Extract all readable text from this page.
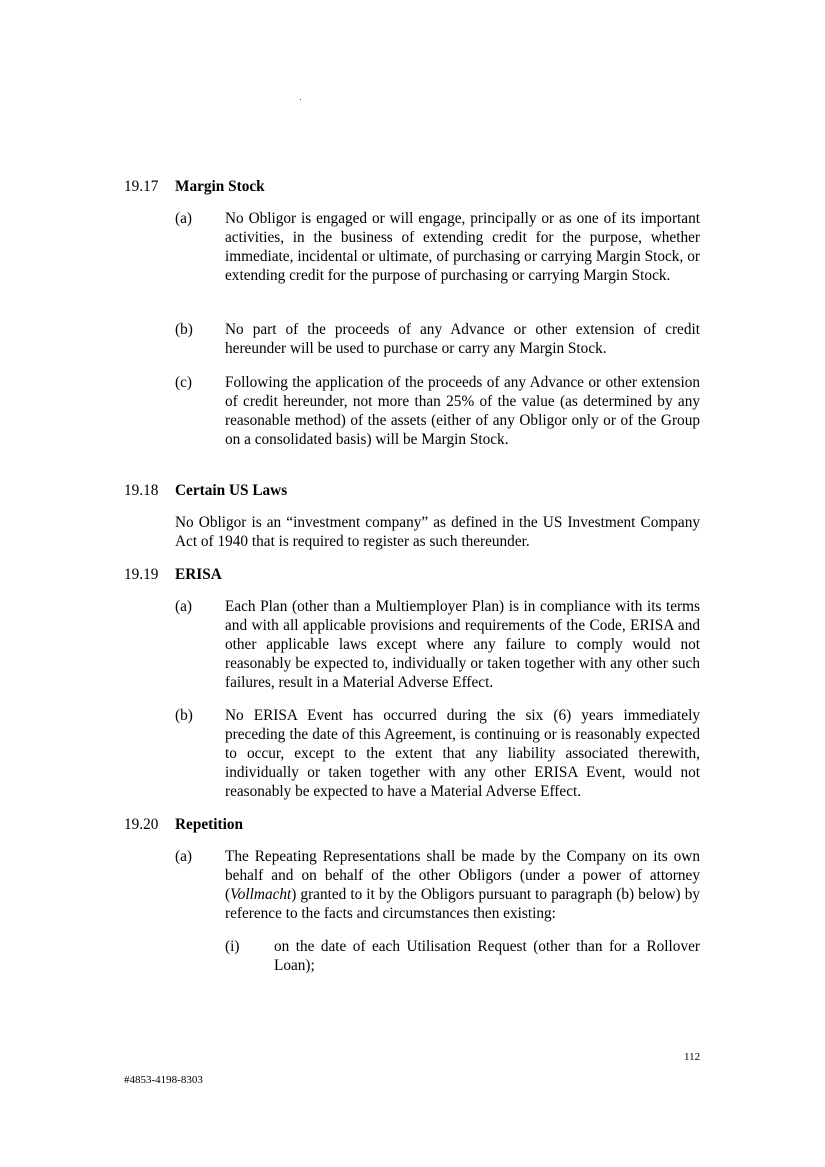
19.17 Margin Stock
(a) No Obligor is engaged or will engage, principally or as one of its important activities, in the business of extending credit for the purpose, whether immediate, incidental or ultimate, of purchasing or carrying Margin Stock, or extending credit for the purpose of purchasing or carrying Margin Stock.
(b) No part of the proceeds of any Advance or other extension of credit hereunder will be used to purchase or carry any Margin Stock.
(c) Following the application of the proceeds of any Advance or other extension of credit hereunder, not more than 25% of the value (as determined by any reasonable method) of the assets (either of any Obligor only or of the Group on a consolidated basis) will be Margin Stock.
19.18 Certain US Laws
No Obligor is an “investment company” as defined in the US Investment Company Act of 1940 that is required to register as such thereunder.
19.19 ERISA
(a) Each Plan (other than a Multiemployer Plan) is in compliance with its terms and with all applicable provisions and requirements of the Code, ERISA and other applicable laws except where any failure to comply would not reasonably be expected to, individually or taken together with any other such failures, result in a Material Adverse Effect.
(b) No ERISA Event has occurred during the six (6) years immediately preceding the date of this Agreement, is continuing or is reasonably expected to occur, except to the extent that any liability associated therewith, individually or taken together with any other ERISA Event, would not reasonably be expected to have a Material Adverse Effect.
19.20 Repetition
(a) The Repeating Representations shall be made by the Company on its own behalf and on behalf of the other Obligors (under a power of attorney (Vollmacht) granted to it by the Obligors pursuant to paragraph (b) below) by reference to the facts and circumstances then existing:
(i) on the date of each Utilisation Request (other than for a Rollover Loan);
112
#4853-4198-8303
